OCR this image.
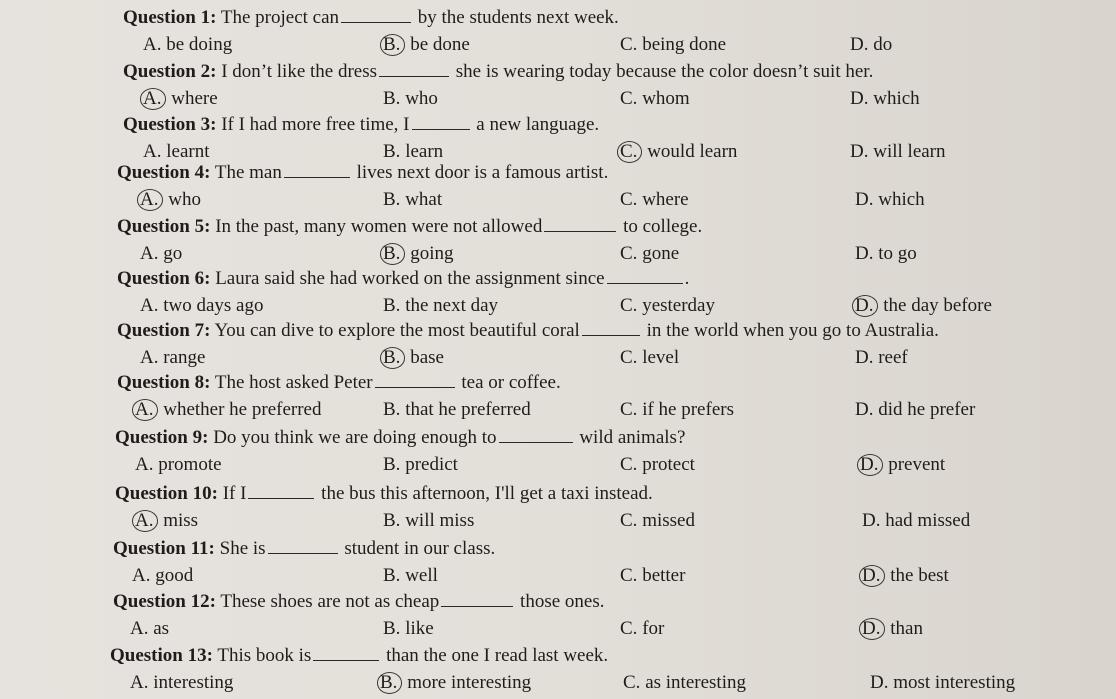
Question 1: The project can	by the students next week.
A. be doing	B. be done	C. being done	D. do
Question 2: I don’t like the dress	she is wearing today because the color doesn’t suit her.
A. where	B. who	C. whom	D. which
Question 3: If I had more free time, I	a new language.
A. learnt	B. learn	C. would learn	D. will learn
Question 4: The man	lives next door is a famous artist.
A. who	B. what	C. where	D. which
Question 5: In the past, many women were not allowed	to college.
A. go	B. going	C. gone	D. to go
Question 6: Laura said she had worked on the assignment since	.
A. two days ago	B. the next day	C. yesterday	D. the day before
Question 7: You can dive to explore the most beautiful coral	in the world when you go to Australia.
A. range	B. base	C. level	D. reef
Question 8: The host asked Peter	tea or coffee.
A. whether he preferred	B. that he preferred	C. if he prefers	D. did he prefer
Question 9: Do you think we are doing enough to	wild animals?
A. promote	B. predict	C. protect	D. prevent
Question 10: If I	the bus this afternoon, I'll get a taxi instead.
A. miss	B. will miss	C. missed	D. had missed
Question 11: She is	student in our class.
A. good	B. well	C. better	D. the best
Question 12: These shoes are not as cheap	those ones.
A. as	B. like	C. for	D. than
Question 13: This book is	than the one I read last week.
A. interesting	B. more interesting	C. as interesting	D. most interesting
